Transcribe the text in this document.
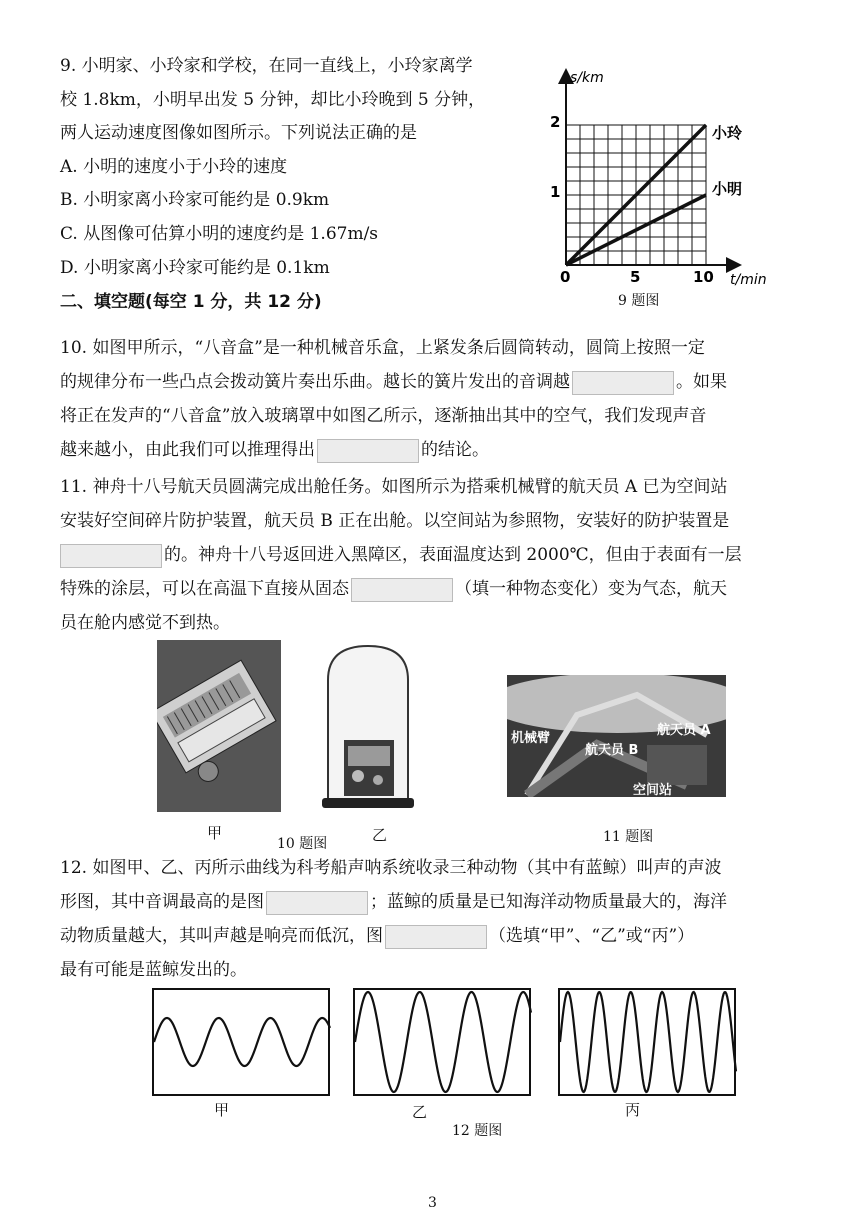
9. 小明家、小玲家和学校，在同一直线上，小玲家离学
校 1.8km，小明早出发 5 分钟，却比小玲晚到 5 分钟，
两人运动速度图像如图所示。下列说法正确的是
A. 小明的速度小于小玲的速度
B. 小明家离小玲家可能约是 0.9km
C. 从图像可估算小明的速度约是 1.67m/s
D. 小明家离小玲家可能约是 0.1km
二、填空题(每空 1 分，共 12 分)
s/km
t/min
2
1
0	5	10
小玲
小明
9 题图
10. 如图甲所示，“八音盒”是一种机械音乐盒，上紧发条后圆筒转动，圆筒上按照一定
的规律分布一些凸点会拨动簧片奏出乐曲。越长的簧片发出的音调越	。如果
将正在发声的“八音盒”放入玻璃罩中如图乙所示，逐渐抽出其中的空气，我们发现声音
越来越小，由此我们可以推理得出	的结论。
11. 神舟十八号航天员圆满完成出舱任务。如图所示为搭乘机械臂的航天员 A 已为空间站
安装好空间碎片防护装置，航天员 B 正在出舱。以空间站为参照物，安装好的防护装置是
的。神舟十八号返回进入黑障区，表面温度达到 2000℃，但由于表面有一层
特殊的涂层，可以在高温下直接从固态	（填一种物态变化）变为气态，航天
员在舱内感觉不到热。
甲	乙
10 题图
机械臂
航天员 A
航天员 B
空间站
11 题图
12. 如图甲、乙、丙所示曲线为科考船声呐系统收录三种动物（其中有蓝鲸）叫声的声波
形图，其中音调最高的是图	；蓝鲸的质量是已知海洋动物质量最大的，海洋
动物质量越大，其叫声越是响亮而低沉，图	（选填“甲”、“乙”或“丙”）
最有可能是蓝鲸发出的。
甲	乙	丙
12 题图
3
